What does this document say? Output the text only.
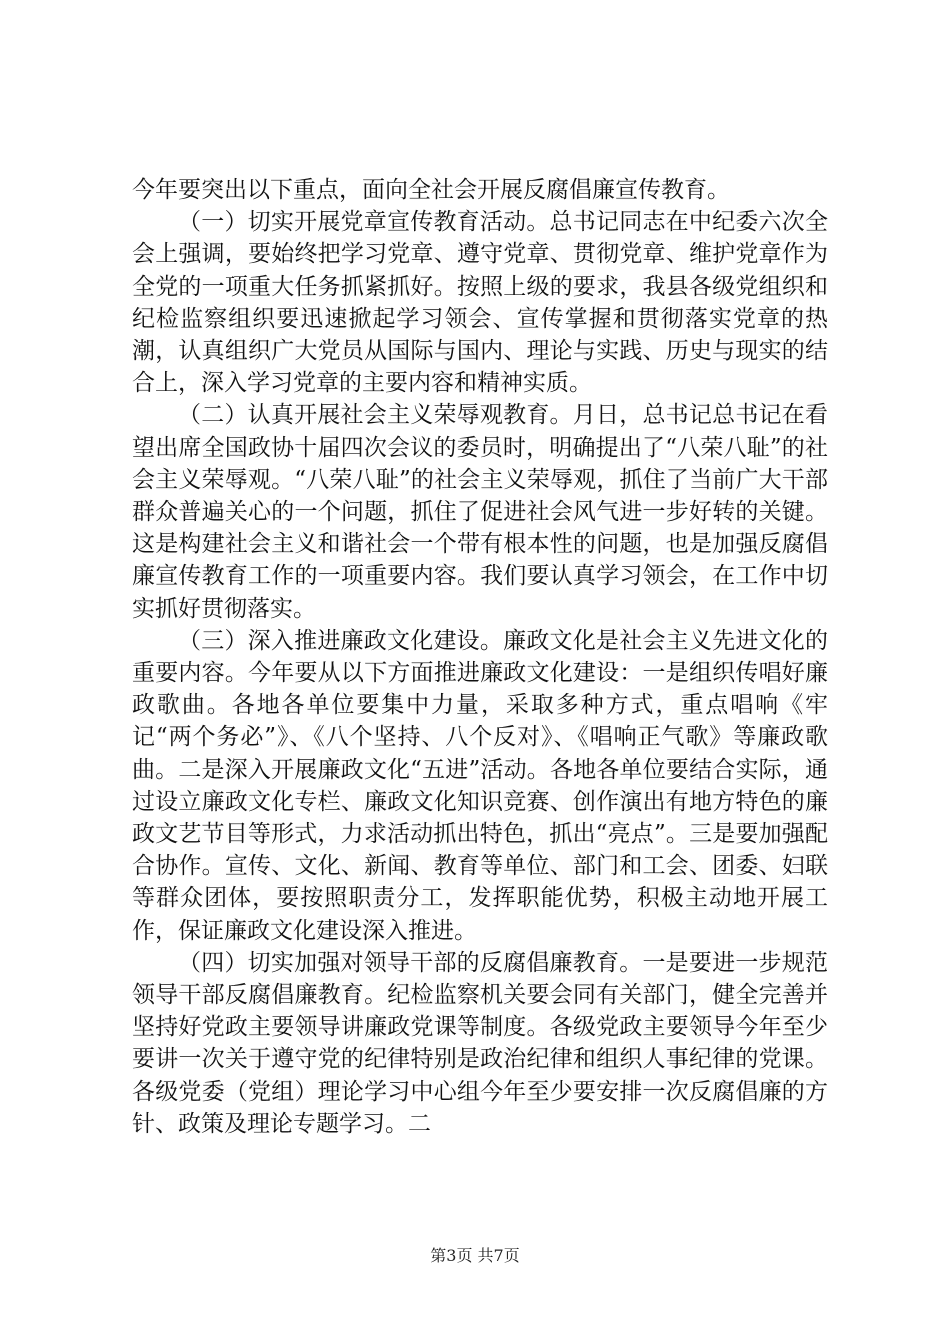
今年要突出以下重点，面向全社会开展反腐倡廉宣传教育。

（一）切实开展党章宣传教育活动。总书记同志在中纪委六次全会上强调，要始终把学习党章、遵守党章、贯彻党章、维护党章作为全党的一项重大任务抓紧抓好。按照上级的要求，我县各级党组织和纪检监察组织要迅速掀起学习领会、宣传掌握和贯彻落实党章的热潮，认真组织广大党员从国际与国内、理论与实践、历史与现实的结合上，深入学习党章的主要内容和精神实质。

（二）认真开展社会主义荣辱观教育。月日，总书记总书记在看望出席全国政协十届四次会议的委员时，明确提出了“八荣八耻”的社会主义荣辱观。“八荣八耻”的社会主义荣辱观，抓住了当前广大干部群众普遍关心的一个问题，抓住了促进社会风气进一步好转的关键。这是构建社会主义和谐社会一个带有根本性的问题，也是加强反腐倡廉宣传教育工作的一项重要内容。我们要认真学习领会，在工作中切实抓好贯彻落实。

（三）深入推进廉政文化建设。廉政文化是社会主义先进文化的重要内容。今年要从以下方面推进廉政文化建设：一是组织传唱好廉政歌曲。各地各单位要集中力量，采取多种方式，重点唱响《牢记“两个务必”》、《八个坚持、八个反对》、《唱响正气歌》等廉政歌曲。二是深入开展廉政文化“五进”活动。各地各单位要结合实际，通过设立廉政文化专栏、廉政文化知识竞赛、创作演出有地方特色的廉政文艺节目等形式，力求活动抓出特色，抓出“亮点”。三是要加强配合协作。宣传、文化、新闻、教育等单位、部门和工会、团委、妇联等群众团体，要按照职责分工，发挥职能优势，积极主动地开展工作，保证廉政文化建设深入推进。

（四）切实加强对领导干部的反腐倡廉教育。一是要进一步规范领导干部反腐倡廉教育。纪检监察机关要会同有关部门，健全完善并坚持好党政主要领导讲廉政党课等制度。各级党政主要领导今年至少要讲一次关于遵守党的纪律特别是政治纪律和组织人事纪律的党课。各级党委（党组）理论学习中心组今年至少要安排一次反腐倡廉的方针、政策及理论专题学习。二

第3页 共7页
